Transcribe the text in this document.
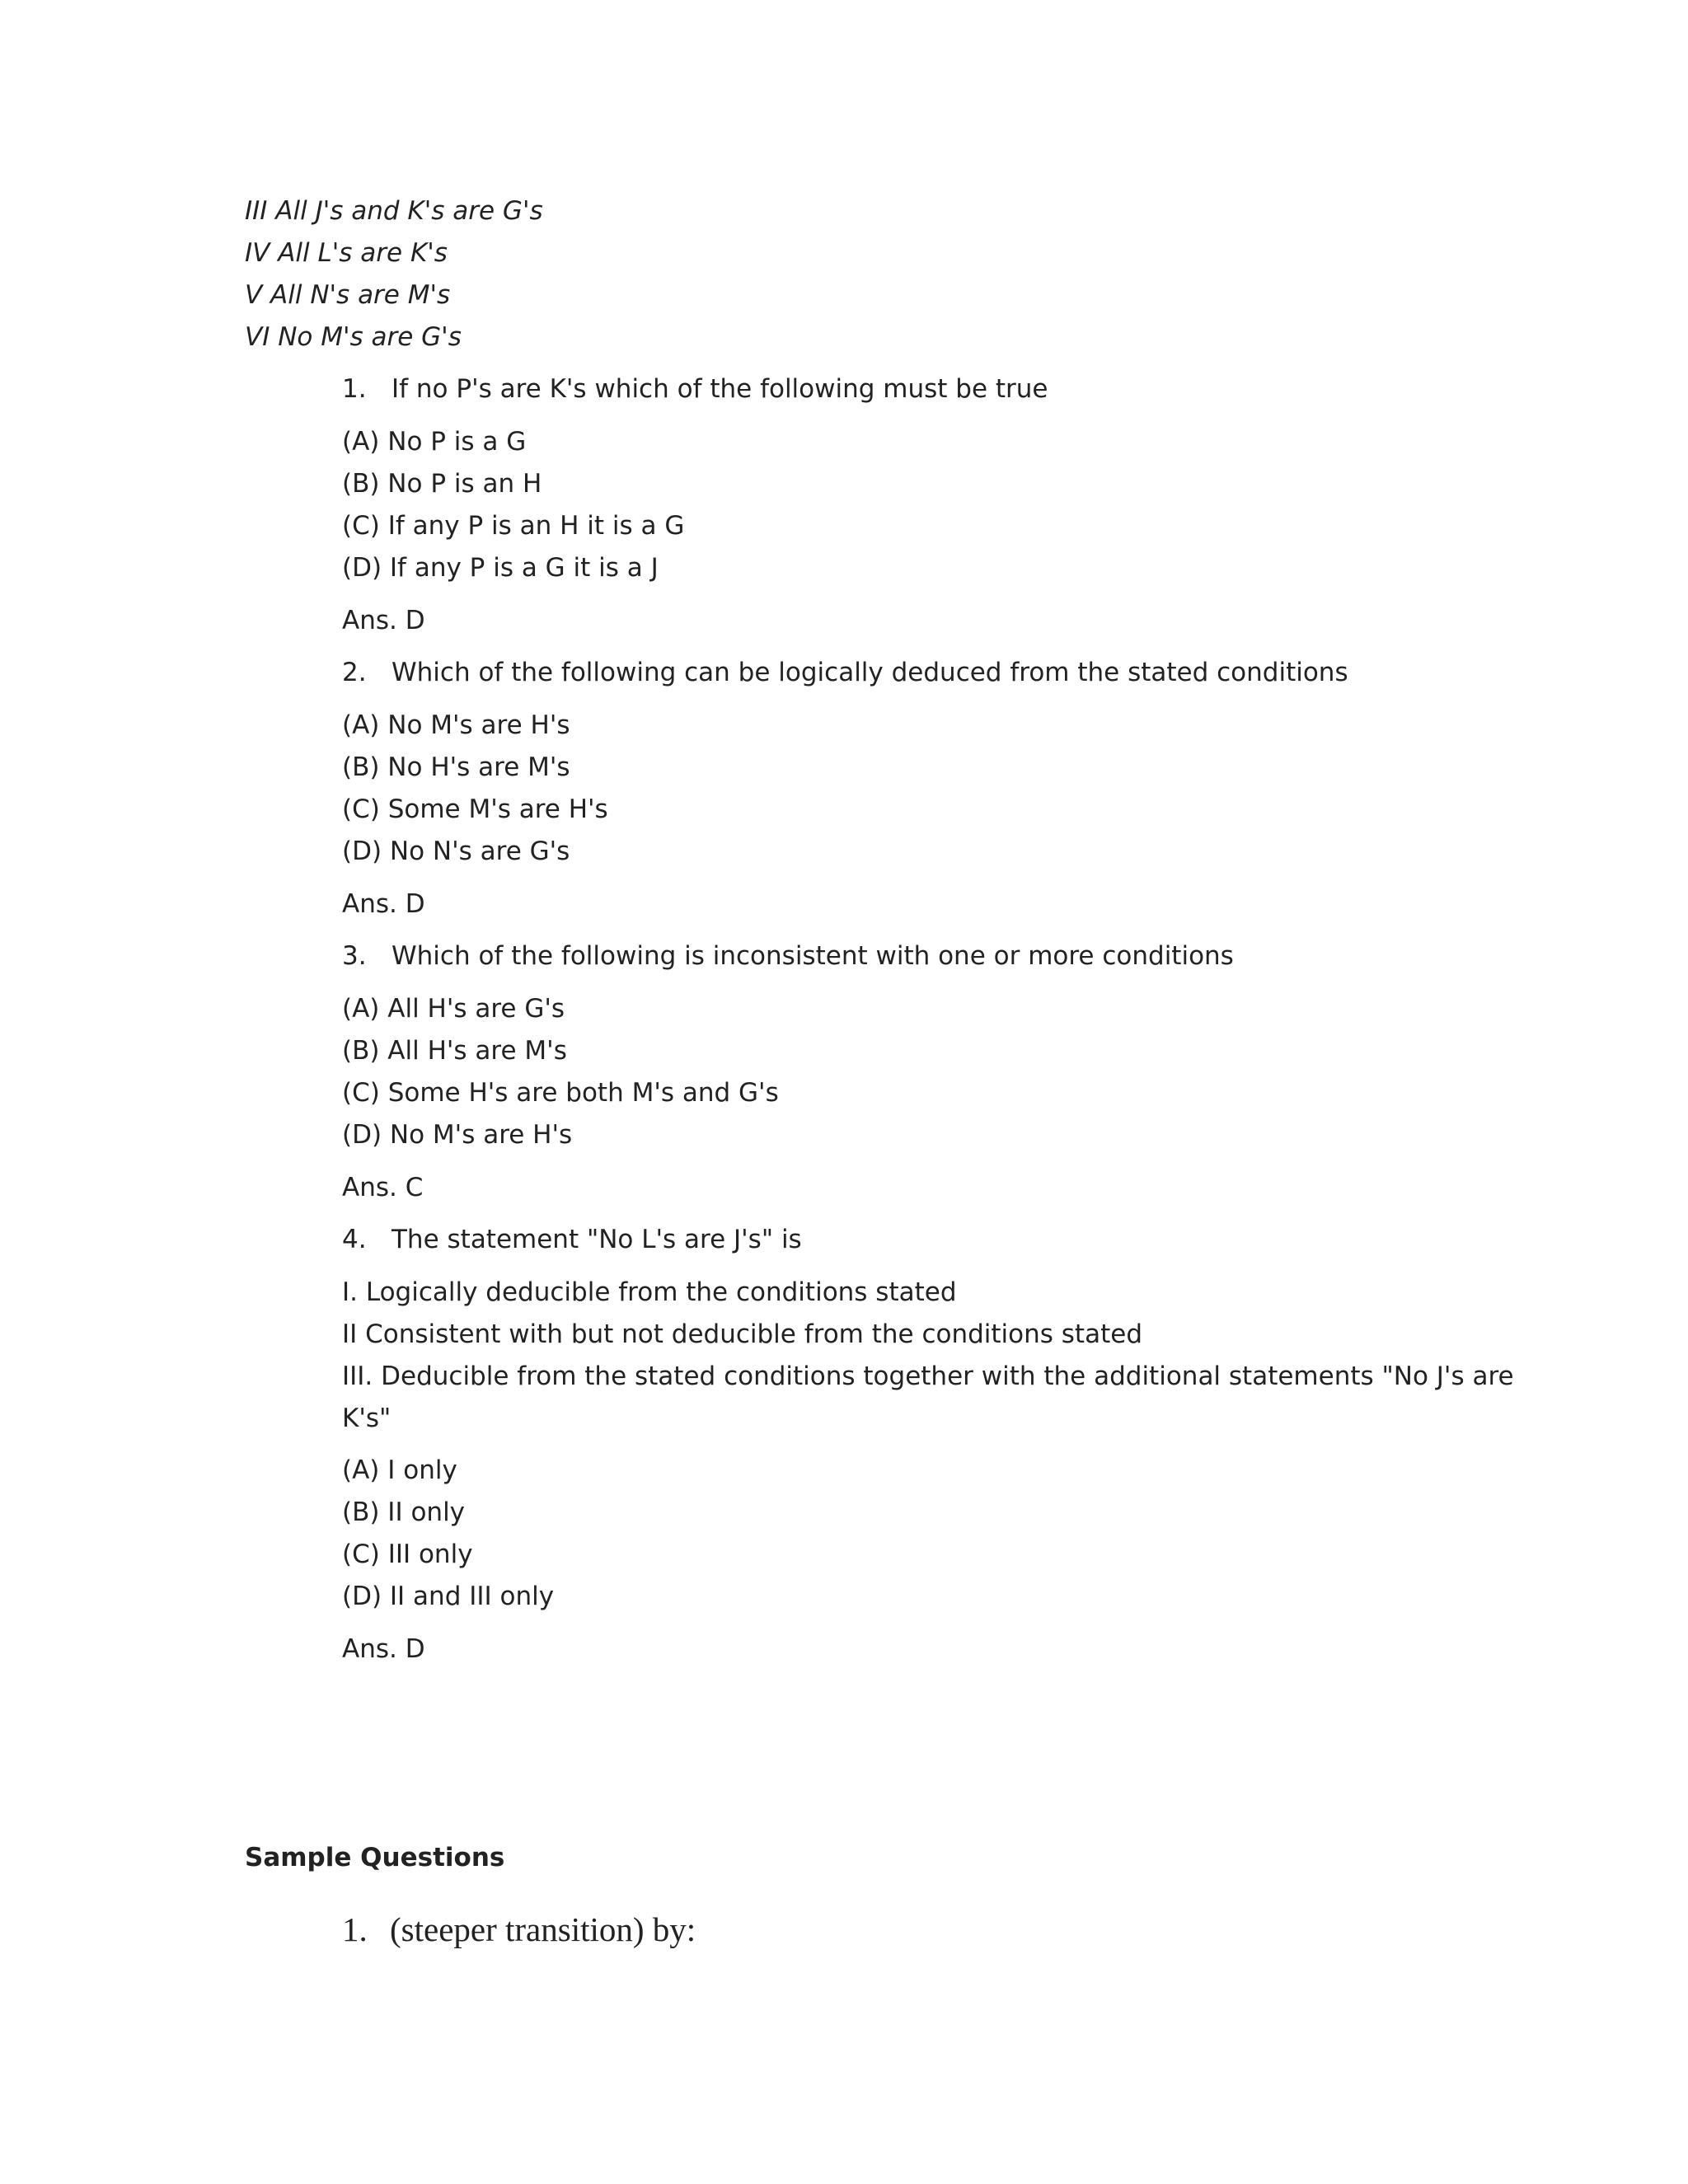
III All J's and K's are G's
IV All L's are K's
V All N's are M's
VI No M's are G's
1. If no P's are K's which of the following must be true
(A) No P is a G
(B) No P is an H
(C) If any P is an H it is a G
(D) If any P is a G it is a J
Ans. D
2. Which of the following can be logically deduced from the stated conditions
(A) No M's are H's
(B) No H's are M's
(C) Some M's are H's
(D) No N's are G's
Ans. D
3. Which of the following is inconsistent with one or more conditions
(A) All H's are G's
(B) All H's are M's
(C) Some H's are both M's and G's
(D) No M's are H's
Ans. C
4. The statement "No L's are J's" is
I. Logically deducible from the conditions stated
II Consistent with but not deducible from the conditions stated
III. Deducible from the stated conditions together with the additional statements "No J's are
K's"
(A) I only
(B) II only
(C) III only
(D) II and III only
Ans. D
Sample Questions
1. (steeper transition) by:
